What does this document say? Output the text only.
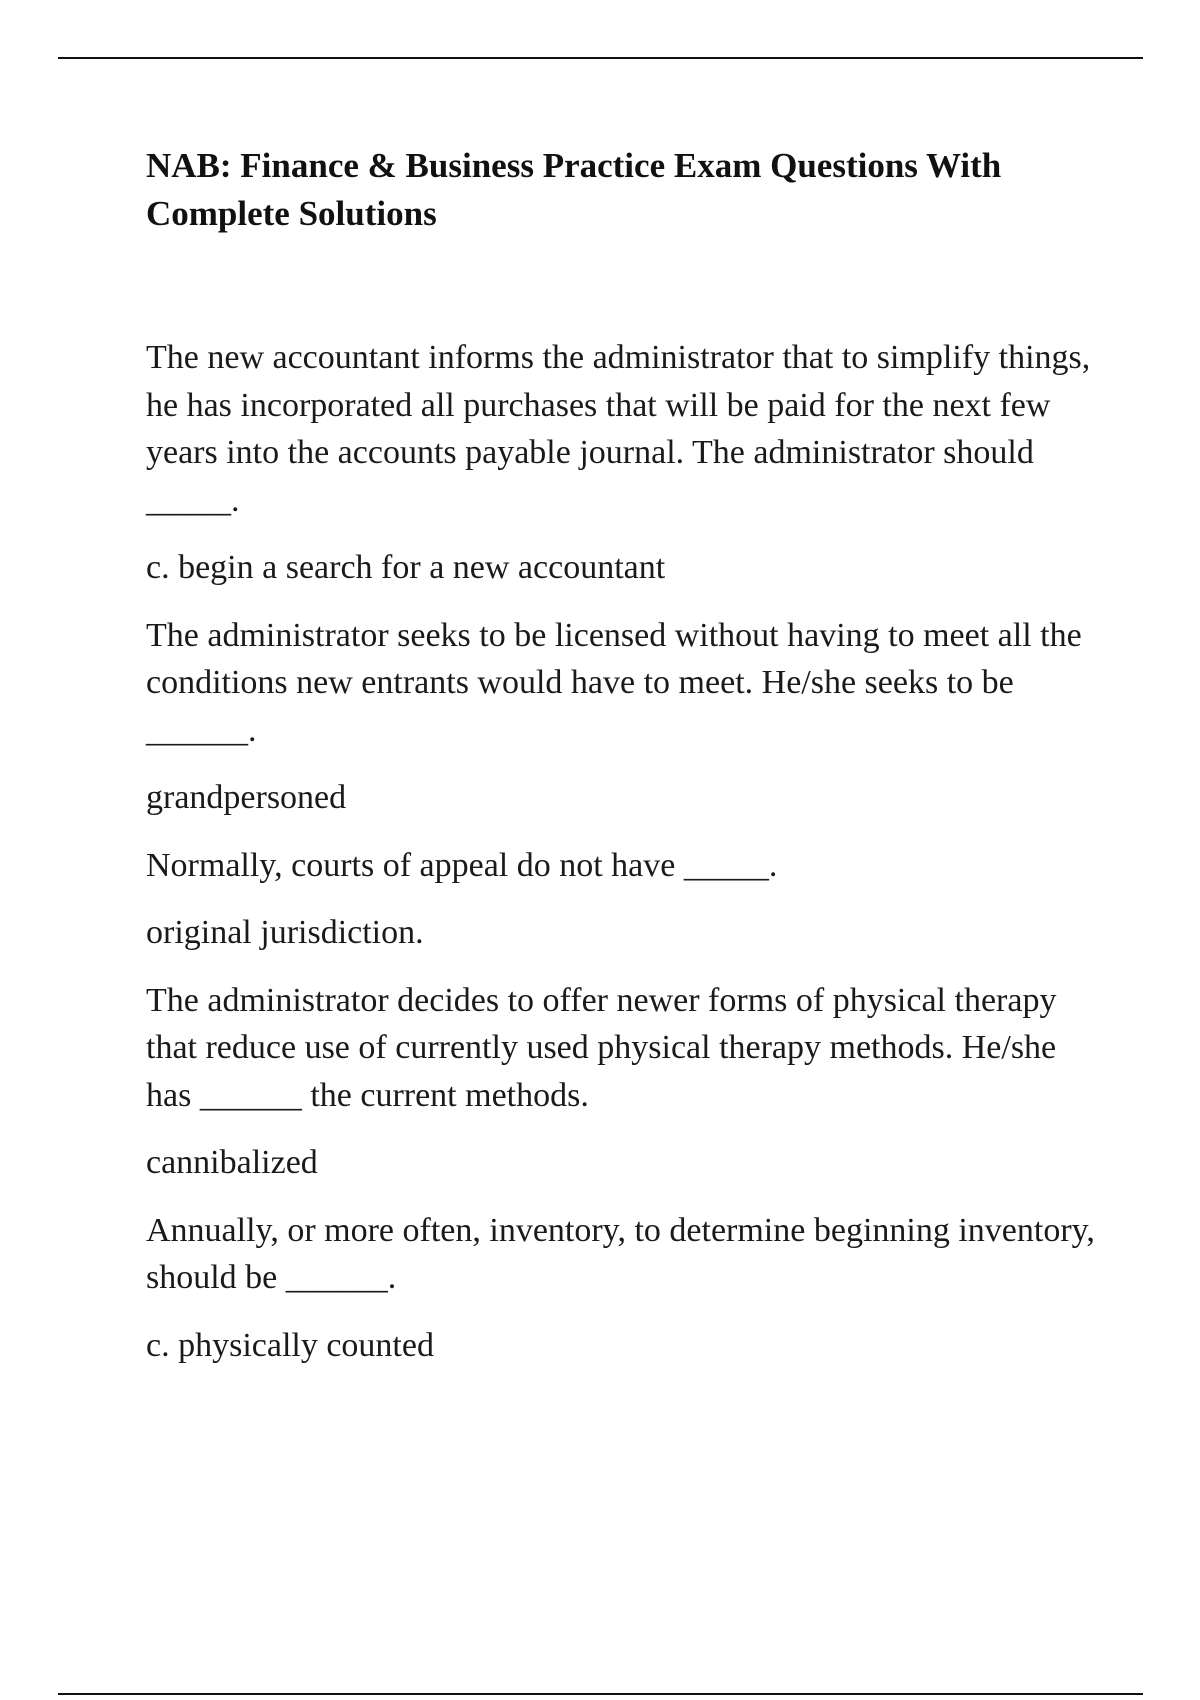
NAB: Finance & Business Practice Exam Questions With Complete Solutions

The new accountant informs the administrator that to simplify things, he has incorporated all purchases that will be paid for the next few years into the accounts payable journal. The administrator should _____.

c. begin a search for a new accountant

The administrator seeks to be licensed without having to meet all the conditions new entrants would have to meet. He/she seeks to be ______.

grandpersoned

Normally, courts of appeal do not have _____.

original jurisdiction.

The administrator decides to offer newer forms of physical therapy that reduce use of currently used physical therapy methods. He/she has ______ the current methods.

cannibalized

Annually, or more often, inventory, to determine beginning inventory, should be ______.

c. physically counted
